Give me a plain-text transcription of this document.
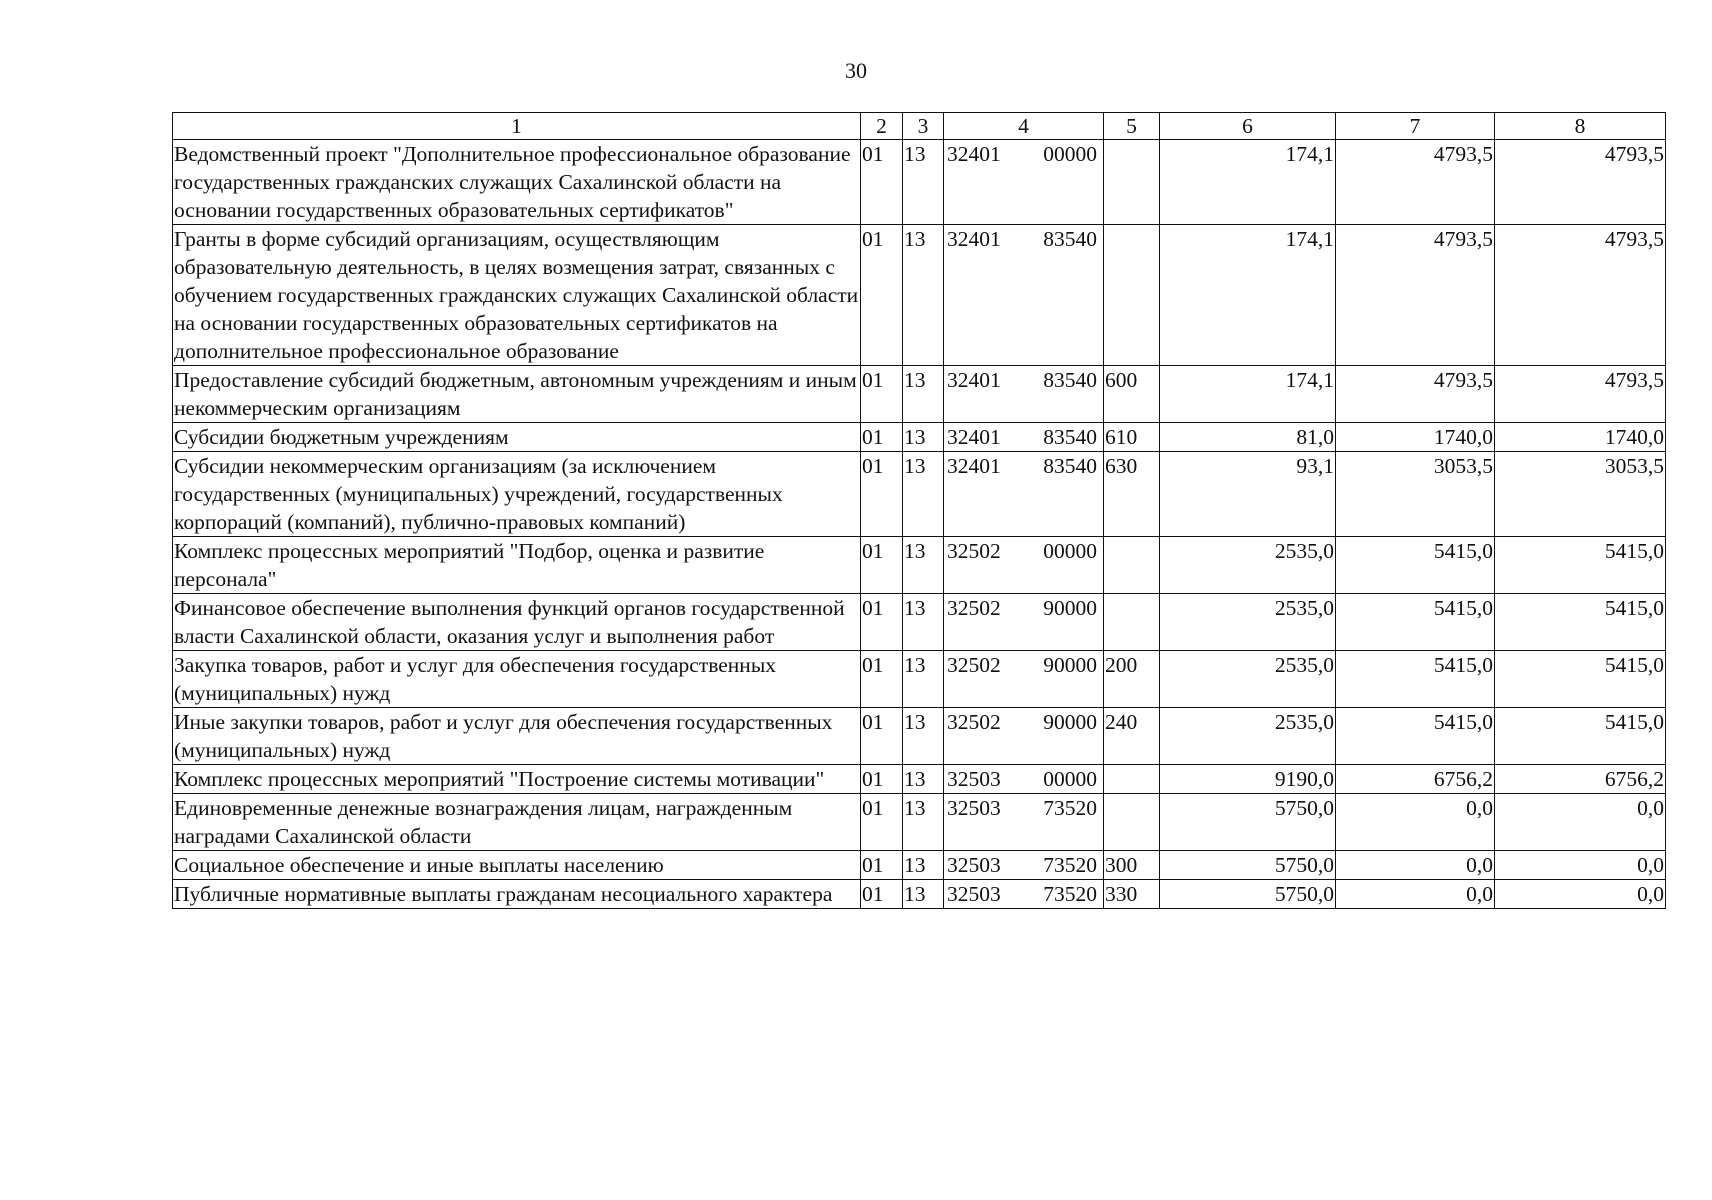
30
1	2	3	4	5	6	7	8
Ведомственный проект "Дополнительное профессиональное образование государственных гражданских служащих Сахалинской области на основании государственных образовательных сертификатов"	01	13	32401 00000		174,1	4793,5	4793,5
Гранты в форме субсидий организациям, осуществляющим образовательную деятельность, в целях возмещения затрат, связанных с обучением государственных гражданских служащих Сахалинской области на основании государственных образовательных сертификатов на дополнительное профессиональное образование	01	13	32401 83540		174,1	4793,5	4793,5
Предоставление субсидий бюджетным, автономным учреждениям и иным некоммерческим организациям	01	13	32401 83540	600	174,1	4793,5	4793,5
Субсидии бюджетным учреждениям	01	13	32401 83540	610	81,0	1740,0	1740,0
Субсидии некоммерческим организациям (за исключением государственных (муниципальных) учреждений, государственных корпораций (компаний), публично-правовых компаний)	01	13	32401 83540	630	93,1	3053,5	3053,5
Комплекс процессных мероприятий "Подбор, оценка и развитие персонала"	01	13	32502 00000		2535,0	5415,0	5415,0
Финансовое обеспечение выполнения функций органов государственной власти Сахалинской области, оказания услуг и выполнения работ	01	13	32502 90000		2535,0	5415,0	5415,0
Закупка товаров, работ и услуг для обеспечения государственных (муниципальных) нужд	01	13	32502 90000	200	2535,0	5415,0	5415,0
Иные закупки товаров, работ и услуг для обеспечения государственных (муниципальных) нужд	01	13	32502 90000	240	2535,0	5415,0	5415,0
Комплекс процессных мероприятий "Построение системы мотивации"	01	13	32503 00000		9190,0	6756,2	6756,2
Единовременные денежные вознаграждения лицам, награжденным наградами Сахалинской области	01	13	32503 73520		5750,0	0,0	0,0
Социальное обеспечение и иные выплаты населению	01	13	32503 73520	300	5750,0	0,0	0,0
Публичные нормативные выплаты гражданам несоциального характера	01	13	32503 73520	330	5750,0	0,0	0,0
